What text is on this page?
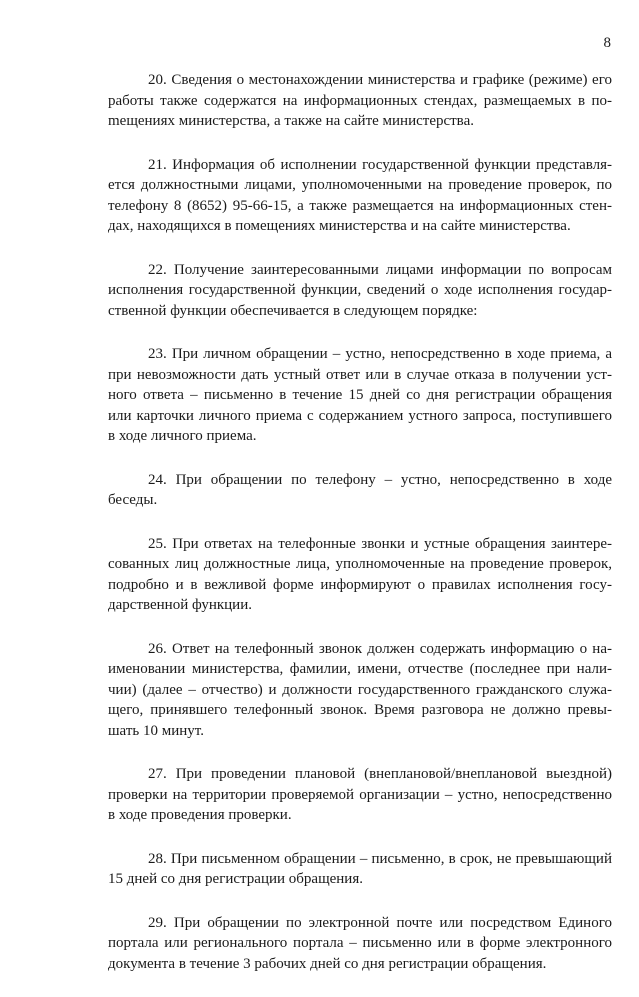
8

20. Сведения о местонахождении министерства и графике (режиме) его работы также содержатся на информационных стендах, размещаемых в поmещениях министерства, а также на сайте министерства.

21. Информация об исполнении государственной функции представляется должностными лицами, уполномоченными на проведение проверок, по телефону 8 (8652) 95-66-15, а также размещается на информационных стендах, находящихся в помещениях министерства и на сайте министерства.

22. Получение заинтересованными лицами информации по вопросам исполнения государственной функции, сведений о ходе исполнения государственной функции обеспечивается в следующем порядке:

23. При личном обращении – устно, непосредственно в ходе приема, а при невозможности дать устный ответ или в случае отказа в получении устного ответа – письменно в течение 15 дней со дня регистрации обращения или карточки личного приема с содержанием устного запроса, поступившего в ходе личного приема.

24. При обращении по телефону – устно, непосредственно в ходе беседы.

25. При ответах на телефонные звонки и устные обращения заинтересованных лиц должностные лица, уполномоченные на проведение проверок, подробно и в вежливой форме информируют о правилах исполнения государственной функции.

26. Ответ на телефонный звонок должен содержать информацию о наименовании министерства, фамилии, имени, отчестве (последнее при наличии) (далее – отчество) и должности государственного гражданского служащего, принявшего телефонный звонок. Время разговора не должно превышать 10 минут.

27. При проведении плановой (внеплановой/внеплановой выездной) проверки на территории проверяемой организации – устно, непосредственно в ходе проведения проверки.

28. При письменном обращении – письменно, в срок, не превышающий 15 дней со дня регистрации обращения.

29. При обращении по электронной почте или посредством Единого портала или регионального портала – письменно или в форме электронного документа в течение 3 рабочих дней со дня регистрации обращения.
